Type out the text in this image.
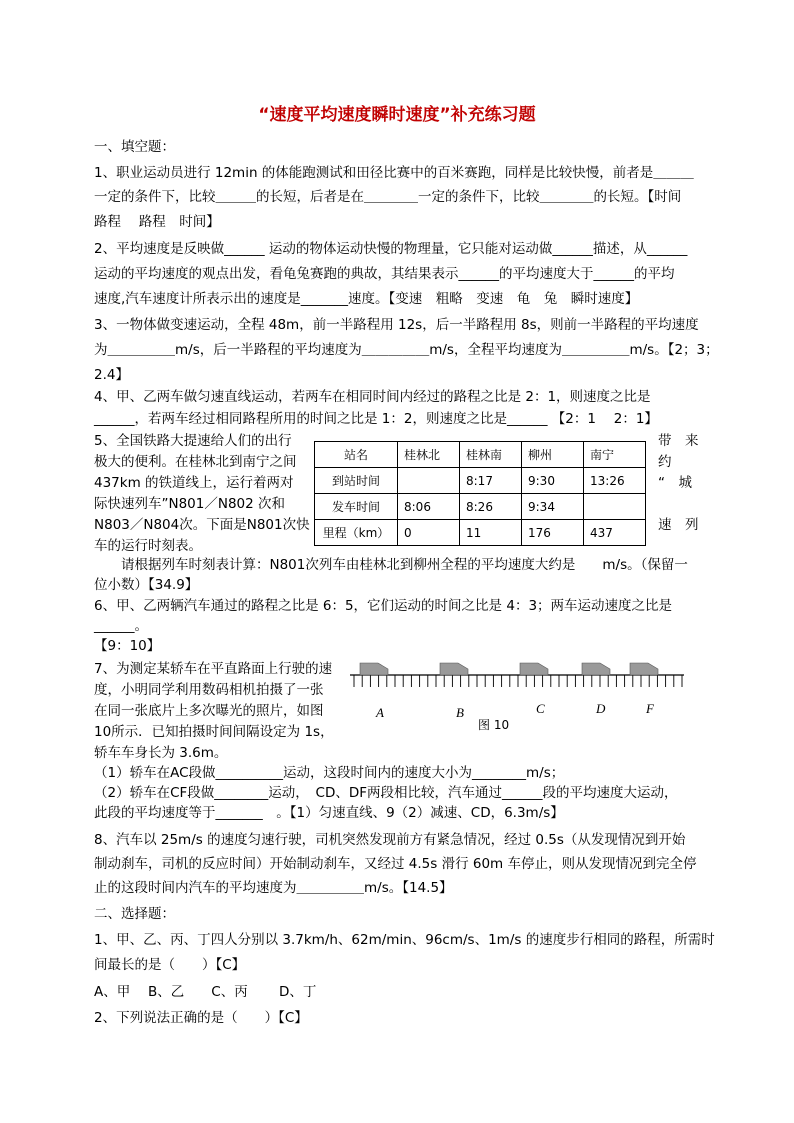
“速度平均速度瞬时速度”补充练习题
一、填空题：
1、职业运动员进行 12min 的体能跑测试和田径比赛中的百米赛跑，同样是比较快慢，前者是＿＿＿
一定的条件下，比较＿＿＿的长短，后者是在＿＿＿＿一定的条件下，比较＿＿＿＿的长短。【时间
路程　 路程　时间】
2、平均速度是反映做______ 运动的物体运动快慢的物理量，它只能对运动做______描述，从______
运动的平均速度的观点出发，看龟兔赛跑的典故，其结果表示______的平均速度大于______的平均
速度,汽车速度计所表示出的速度是_______速度。【变速　粗略　变速　龟　兔　瞬时速度】
3、一物体做变速运动，全程 48m，前一半路程用 12s，后一半路程用 8s，则前一半路程的平均速度
为＿＿＿＿＿m/s，后一半路程的平均速度为＿＿＿＿＿m/s，全程平均速度为＿＿＿＿＿m/s。【2；3；
2.4】
4、甲、乙两车做匀速直线运动，若两车在相同时间内经过的路程之比是 2：1，则速度之比是
______，若两车经过相同路程所用的时间之比是 1：2，则速度之比是______ 【2：1　 2：1】
5、全国铁路大提速给人们的出行
极大的便利。在桂林北到南宁之间
437km 的铁道线上，运行着两对
际快速列车”N801／N802 次和
N803／N804次。下面是N801次快
车的运行时刻表。
带　来
约
“　城
速　列
站名	桂林北	桂林南	柳州	南宁
到站时间		8:17	9:30	13:26
发车时间	8:06	8:26	9:34	
里程（km）	0	11	176	437
　　请根据列车时刻表计算：N801次列车由桂林北到柳州全程的平均速度大约是　　m/s。（保留一
位小数）【34.9】
6、甲、乙两辆汽车通过的路程之比是 6：5，它们运动的时间之比是 4：3；两车运动速度之比是
______。
【9：10】
7、为测定某轿车在平直路面上行驶的速
度，小明同学利用数码相机拍摄了一张
在同一张底片上多次曝光的照片，如图
10所示．已知拍摄时间间隔设定为 1s，
轿车车身长为 3.6m。
A	B	C	D	F
图 10
（1）轿车在AC段做__________运动，这段时间内的速度大小为________m/s；
（2）轿车在CF段做________运动，　CD、DF两段相比较，汽车通过______段的平均速度大运动，
此段的平均速度等于_______　。【1）匀速直线、9（2）减速、CD，6.3m/s】
8、汽车以 25m/s 的速度匀速行驶，司机突然发现前方有紧急情况，经过 0.5s（从发现情况到开始
制动刹车，司机的反应时间）开始制动刹车，又经过 4.5s 滑行 60m 车停止，则从发现情况到完全停
止的这段时间内汽车的平均速度为＿＿＿＿＿m/s。【14.5】
二、选择题：
1、甲、乙、丙、丁四人分别以 3.7km/h、62m/min、96cm/s、1m/s 的速度步行相同的路程，所需时
间最长的是（　　）【C】
A、甲　 B、乙　　C、丙　　 D、丁
2、下列说法正确的是（　　）【C】
